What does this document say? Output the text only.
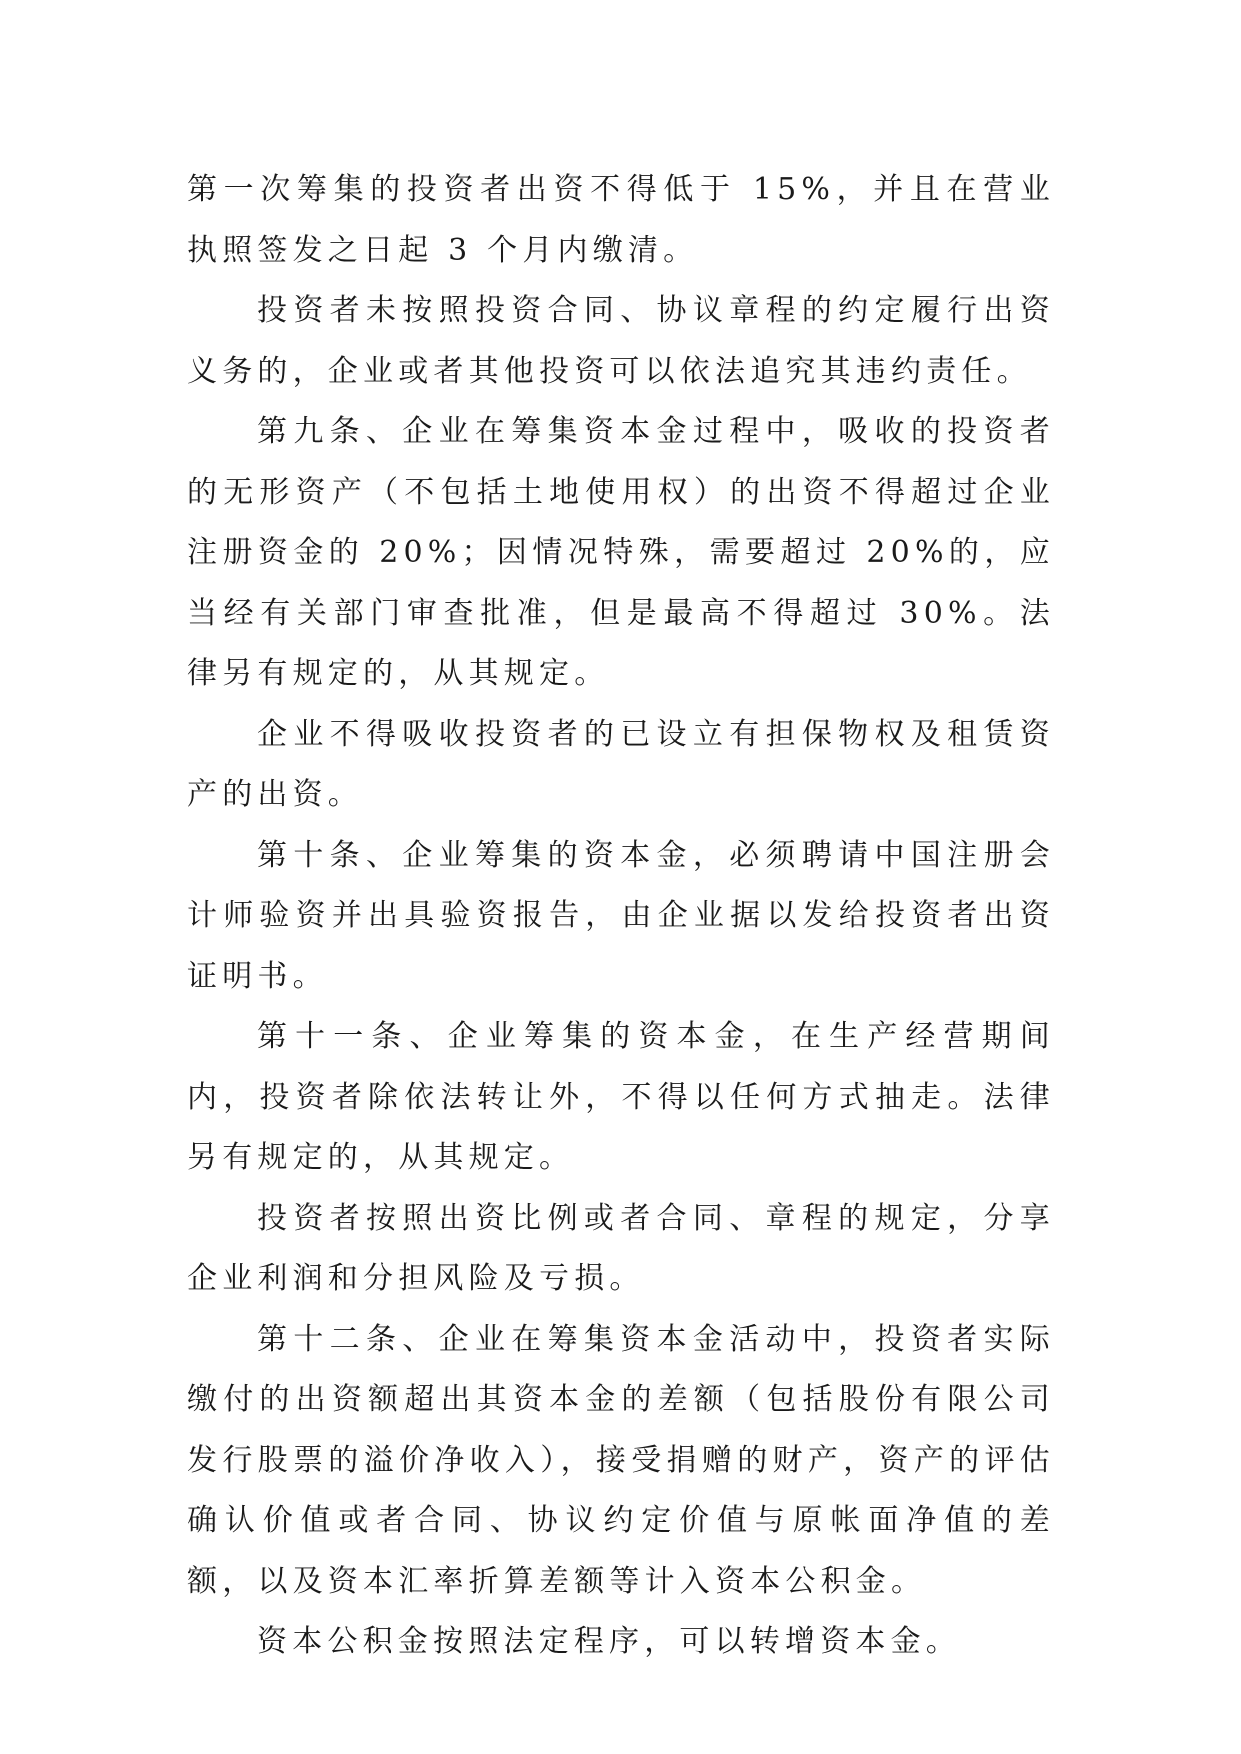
第一次筹集的投资者出资不得低于 15%，并且在营业执照签发之日起 3 个月内缴清。

投资者未按照投资合同、协议章程的约定履行出资义务的，企业或者其他投资可以依法追究其违约责任。

第九条、企业在筹集资本金过程中，吸收的投资者的无形资产（不包括土地使用权）的出资不得超过企业注册资金的 20%；因情况特殊，需要超过 20%的，应当经有关部门审查批准，但是最高不得超过 30%。法律另有规定的，从其规定。

企业不得吸收投资者的已设立有担保物权及租赁资产的出资。

第十条、企业筹集的资本金，必须聘请中国注册会计师验资并出具验资报告，由企业据以发给投资者出资证明书。

第十一条、企业筹集的资本金，在生产经营期间内，投资者除依法转让外，不得以任何方式抽走。法律另有规定的，从其规定。

投资者按照出资比例或者合同、章程的规定，分享企业利润和分担风险及亏损。

第十二条、企业在筹集资本金活动中，投资者实际缴付的出资额超出其资本金的差额（包括股份有限公司发行股票的溢价净收入），接受捐赠的财产，资产的评估确认价值或者合同、协议约定价值与原帐面净值的差额，以及资本汇率折算差额等计入资本公积金。

资本公积金按照法定程序，可以转增资本金。
